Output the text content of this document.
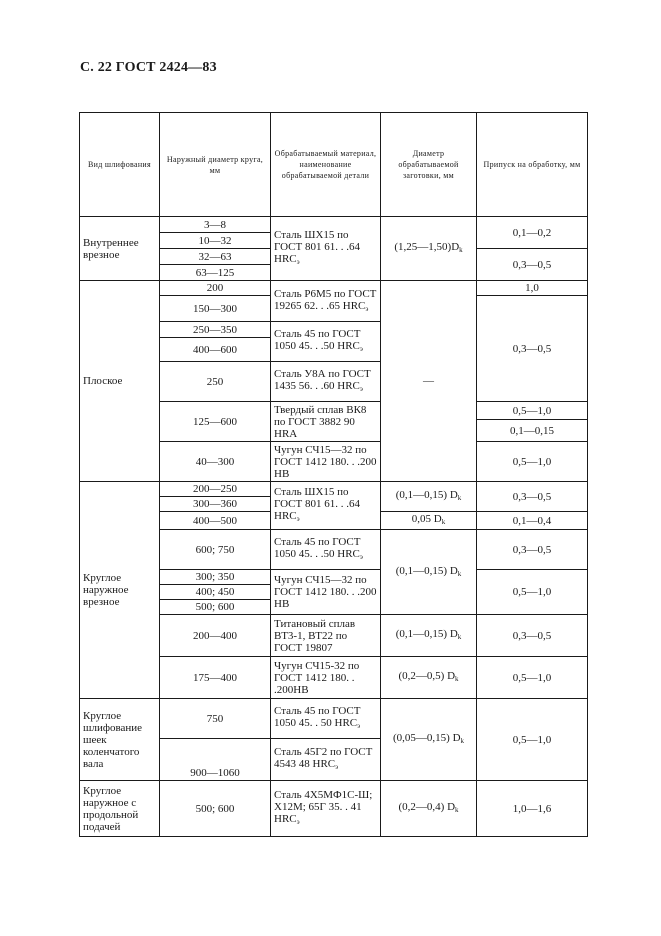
С. 22 ГОСТ 2424—83
Вид шлифования	Наружный диаметр круга, мм	Обрабатываемый материал, наименование обрабатываемой детали	Диаметр обрабатываемой заготовки, мм	Припуск на обработку, мм
Внутреннее врезное	3—8	Сталь ШХ15 по ГОСТ 801 61. . .64 $HRC_э$	$(1,25—1,50)D_k$	0,1—0,2
	10—32			
	32—63			0,3—0,5
	63—125			
Плоское	200	Сталь Р6М5 по ГОСТ 19265 62. . .65 $HRC_э$	—	1,0
	150—300			0,3—0,5
	250—350	Сталь 45 по ГОСТ 1050 45. . .50 $HRC_э$
	400—600			
	250	Сталь У8А по ГОСТ 1435 56. . .60 $HRC_э$
	125—600	Твердый сплав ВК8 по ГОСТ 3882 90 HRA		0,5—1,0
				0,1—0,15
	40—300	Чугун СЧ15—32 по ГОСТ 1412 180. . .200 НВ		0,5—1,0
Круглое наружное врезное	200—250	Сталь ШХ15 по ГОСТ 801 61. . .64 $HRC_э$	(0,1—0,15) $D_k$	0,3—0,5
	300—360			
	400—500		0,05 $D_k$	0,1—0,4
	600; 750	Сталь 45 по ГОСТ 1050 45. . .50 $HRC_э$	(0,1—0,15) $D_k$	0,3—0,5
	300; 350	Чугун СЧ15—32 по ГОСТ 1412 180. . .200 НВ		0,5—1,0
	400; 450			
	500; 600			
	200—400	Титановый сплав ВТ3-1, ВТ22 по ГОСТ 19807	(0,1—0,15) $D_k$	0,3—0,5
	175—400	Чугун СЧ15-32 по ГОСТ 1412 180. . .200НВ	(0,2—0,5) $D_k$	0,5—1,0
Круглое шлифование шеек коленчатого вала	750	Сталь 45 по ГОСТ 1050 45. . 50 $HRC_э$	(0,05—0,15) $D_k$	0,5—1,0
	900—1060	Сталь 45Г2 по ГОСТ 4543 48 $HRC_э$
Круглое наружное с продольной подачей	500; 600	Сталь 4Х5МФ1С-Ш; Х12М; 65Г 35. . 41 $HRC_э$	(0,2—0,4) $D_k$	1,0—1,6
